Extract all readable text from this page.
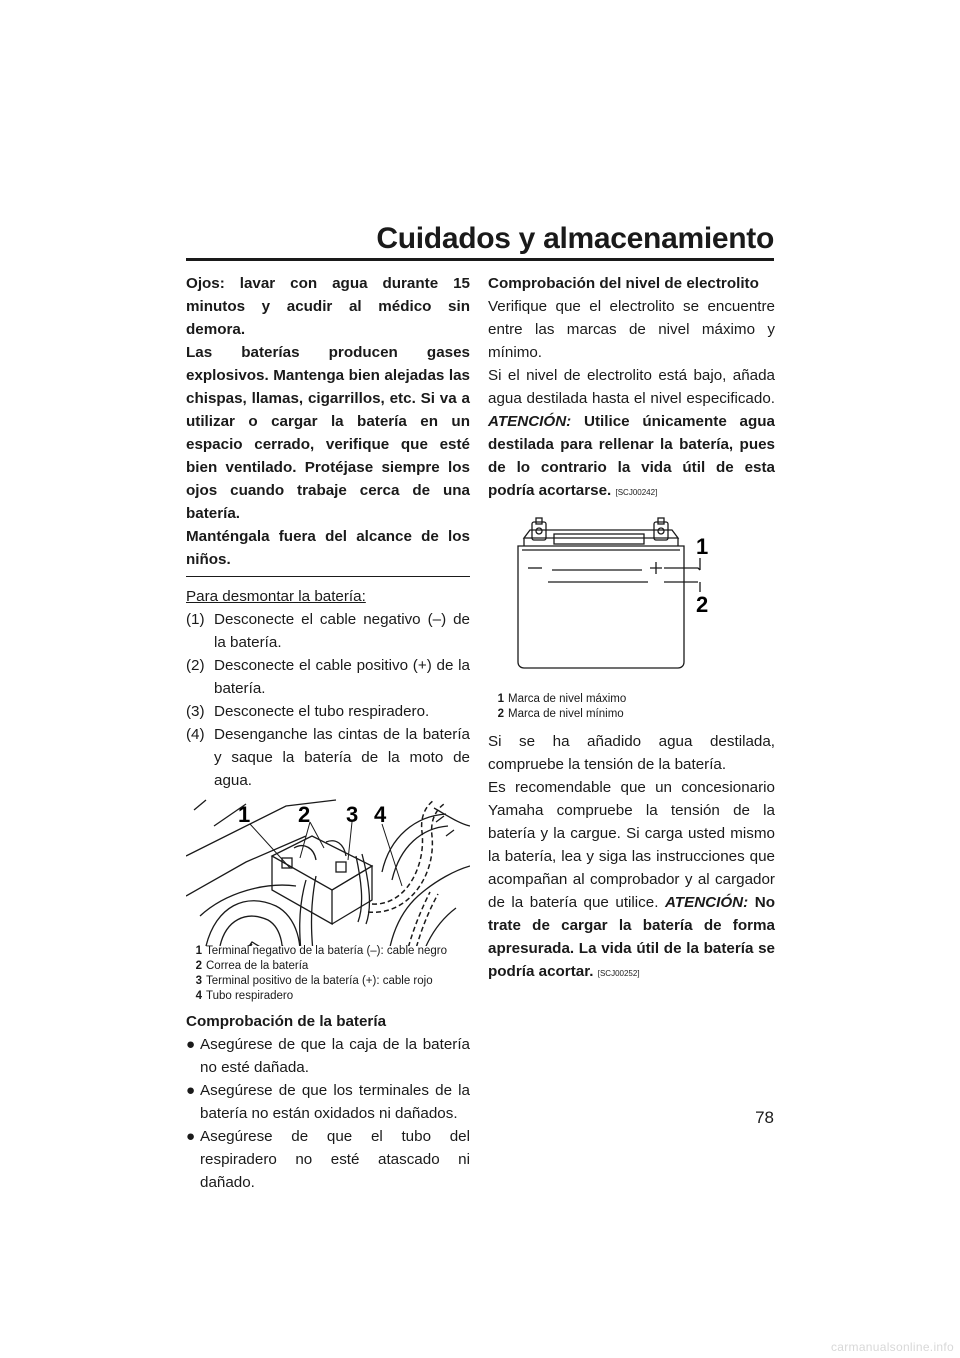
Cuidados y almacenamiento

Ojos: lavar con agua durante 15 minutos y acudir al médico sin demora.

Las baterías producen gases explosivos. Mantenga bien alejadas las chispas, llamas, cigarrillos, etc. Si va a utilizar o cargar la batería en un espacio cerrado, verifique que esté bien ventilado. Protéjase siempre los ojos cuando trabaje cerca de una batería.

Manténgala fuera del alcance de los niños.

Para desmontar la batería:
(1) Desconecte el cable negativo (–) de la batería.
(2) Desconecte el cable positivo (+) de la batería.
(3) Desconecte el tubo respiradero.
(4) Desenganche las cintas de la batería y saque la batería de la moto de agua.
1 2 3 4
1 Terminal negativo de la batería (–): cable negro
2 Correa de la batería
3 Terminal positivo de la batería (+): cable rojo
4 Tubo respiradero

Comprobación de la batería

● Asegúrese de que la caja de la batería no esté dañada.
● Asegúrese de que los terminales de la batería no están oxidados ni dañados.
● Asegúrese de que el tubo del respiradero no esté atascado ni dañado.

Comprobación del nivel de electrolito

Verifique que el electrolito se encuentre entre las marcas de nivel máximo y mínimo.

Si el nivel de electrolito está bajo, añada agua destilada hasta el nivel especificado. ATENCIÓN: Utilice únicamente agua destilada para rellenar la batería, pues de lo contrario la vida útil de esta podría acortarse. [SCJ00242]

1
2
1 Marca de nivel máximo
2 Marca de nivel mínimo

Si se ha añadido agua destilada, compruebe la tensión de la batería.

Es recomendable que un concesionario Yamaha compruebe la tensión de la batería y la cargue. Si carga usted mismo la batería, lea y siga las instrucciones que acompañan al comprobador y al cargador de la batería que utilice. ATENCIÓN: No trate de cargar la batería de forma apresurada. La vida útil de la batería se podría acortar. [SCJ00252]

78
carmanualsonline.info
